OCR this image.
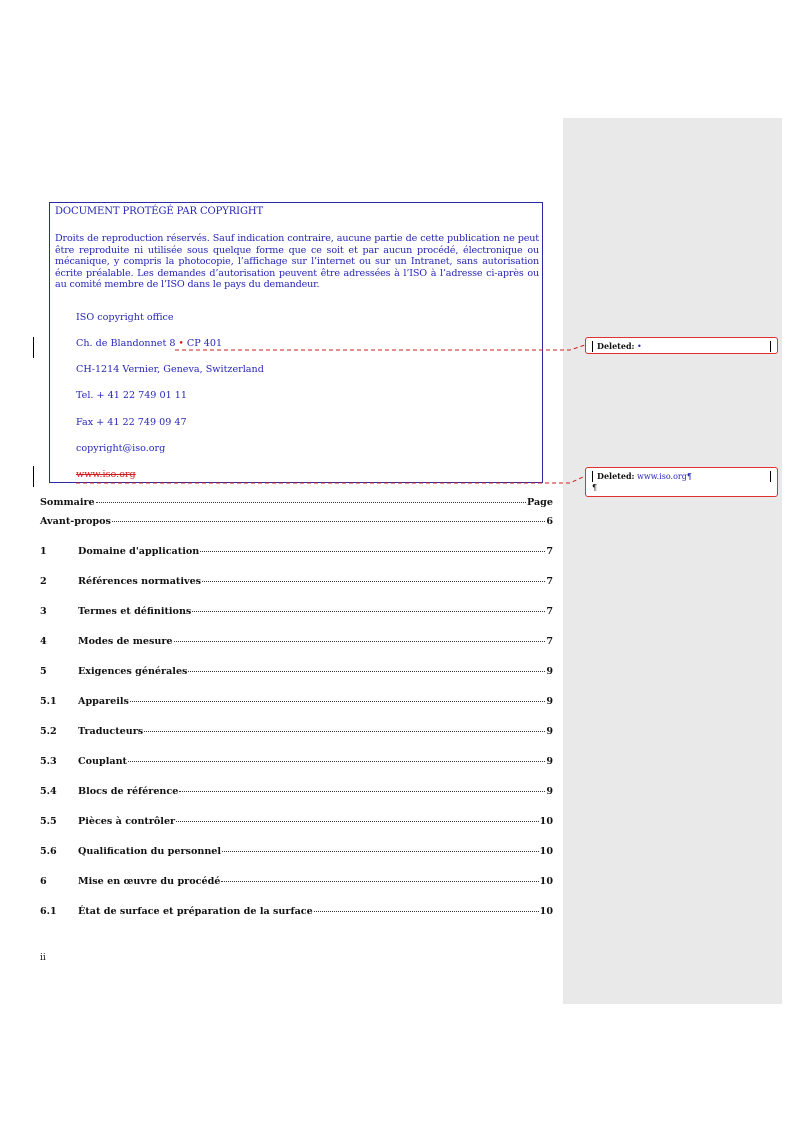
DOCUMENT PROTÉGÉ PAR COPYRIGHT
Droits de reproduction réservés. Sauf indication contraire, aucune partie de cette publication ne peut être reproduite ni utilisée sous quelque forme que ce soit et par aucun procédé, électronique ou mécanique, y compris la photocopie, l’affichage sur l’internet ou sur un Intranet, sans autorisation écrite préalable. Les demandes d’autorisation peuvent être adressées à l’ISO à l’adresse ci-après ou au comité membre de l’ISO dans le pays du demandeur.
ISO copyright office
Ch. de Blandonnet 8 • CP 401
CH-1214 Vernier, Geneva, Switzerland
Tel. + 41 22 749 01 11
Fax + 41 22 749 09 47
copyright@iso.org
www.iso.org
Deleted: •
Deleted: www.iso.org¶
¶
Sommaire	Page
Avant-propos	6
1	Domaine d'application	7
2	Références normatives	7
3	Termes et définitions	7
4	Modes de mesure	7
5	Exigences générales	9
5.1	Appareils	9
5.2	Traducteurs	9
5.3	Couplant	9
5.4	Blocs de référence	9
5.5	Pièces à contrôler	10
5.6	Qualification du personnel	10
6	Mise en œuvre du procédé	10
6.1	État de surface et préparation de la surface	10
ii
